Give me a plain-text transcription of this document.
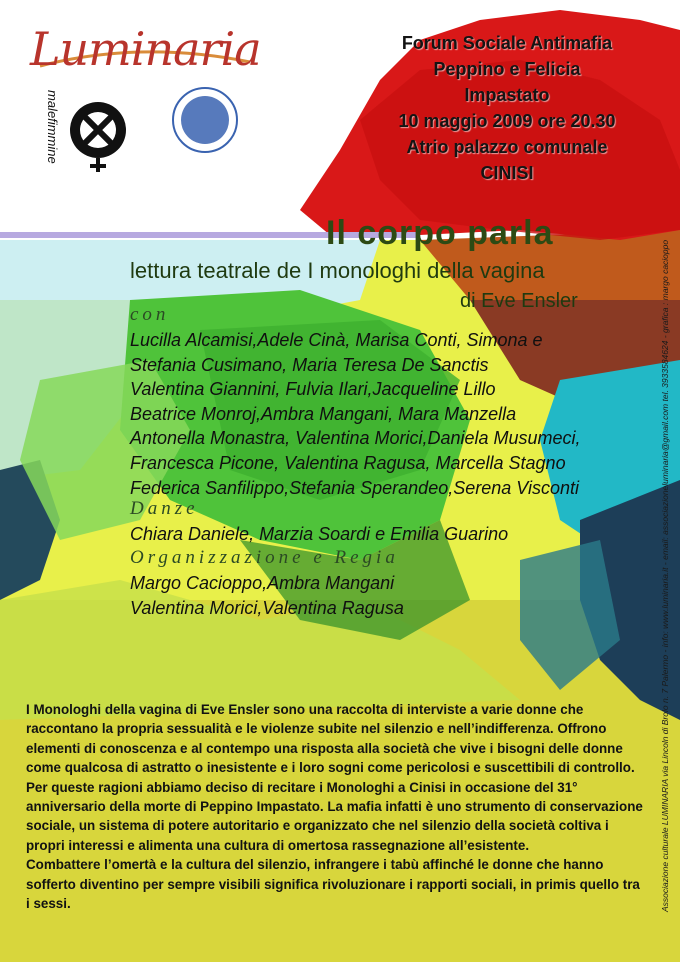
Luminaria
malefimmine
Forum Sociale Antimafia
Peppino e Felicia
Impastato
10 maggio 2009 ore 20.30
Atrio palazzo comunale
CINISI
Il corpo parla
lettura teatrale de I monologhi della vagina
di Eve Ensler
con
Lucilla Alcamisi,Adele Cinà, Marisa Conti, Simona e
Stefania Cusimano, Maria Teresa De Sanctis
Valentina Giannini, Fulvia Ilari,Jacqueline Lillo
Beatrice Monroj,Ambra Mangani, Mara Manzella
Antonella Monastra, Valentina Morici,Daniela Musumeci,
Francesca Picone, Valentina Ragusa, Marcella Stagno
Federica Sanfilippo,Stefania Sperandeo,Serena Visconti
Danze
Chiara Daniele, Marzia Soardi e Emilia Guarino
Organizzazione e Regia
Margo Cacioppo,Ambra Mangani
Valentina Morici,Valentina Ragusa

I Monologhi della vagina di Eve Ensler sono una raccolta di interviste a varie donne che raccontano la propria sessualità e le violenze subite nel silenzio e nell’indifferenza. Offrono elementi di conoscenza e al contempo una risposta alla società che vive i bisogni delle donne come qualcosa di astratto o inesistente e i loro sogni come pericolosi e suscettibili di controllo. Per queste ragioni abbiamo deciso di recitare i Monologhi a Cinisi in occasione del 31° anniversario della morte di Peppino Impastato. La mafia infatti è uno strumento di conservazione sociale, un sistema di potere autoritario e organizzato che nel silenzio della società coltiva i propri interessi e alimenta una cultura di omertosa rassegnazione all’esistente.

Combattere l’omertà e la cultura del silenzio, infrangere i tabù affinché le donne che hanno sofferto diventino per sempre visibili significa rivoluzionare i rapporti sociali, in primis quello tra i sessi.	Associazione culturale LUMINARIA via Lincoln di Brolo n. 7 Palermo - info: www.luminaria.it - email: associazioneluminaria@gmail.com tel. 3933584624 - grafica : margo cacioppo
